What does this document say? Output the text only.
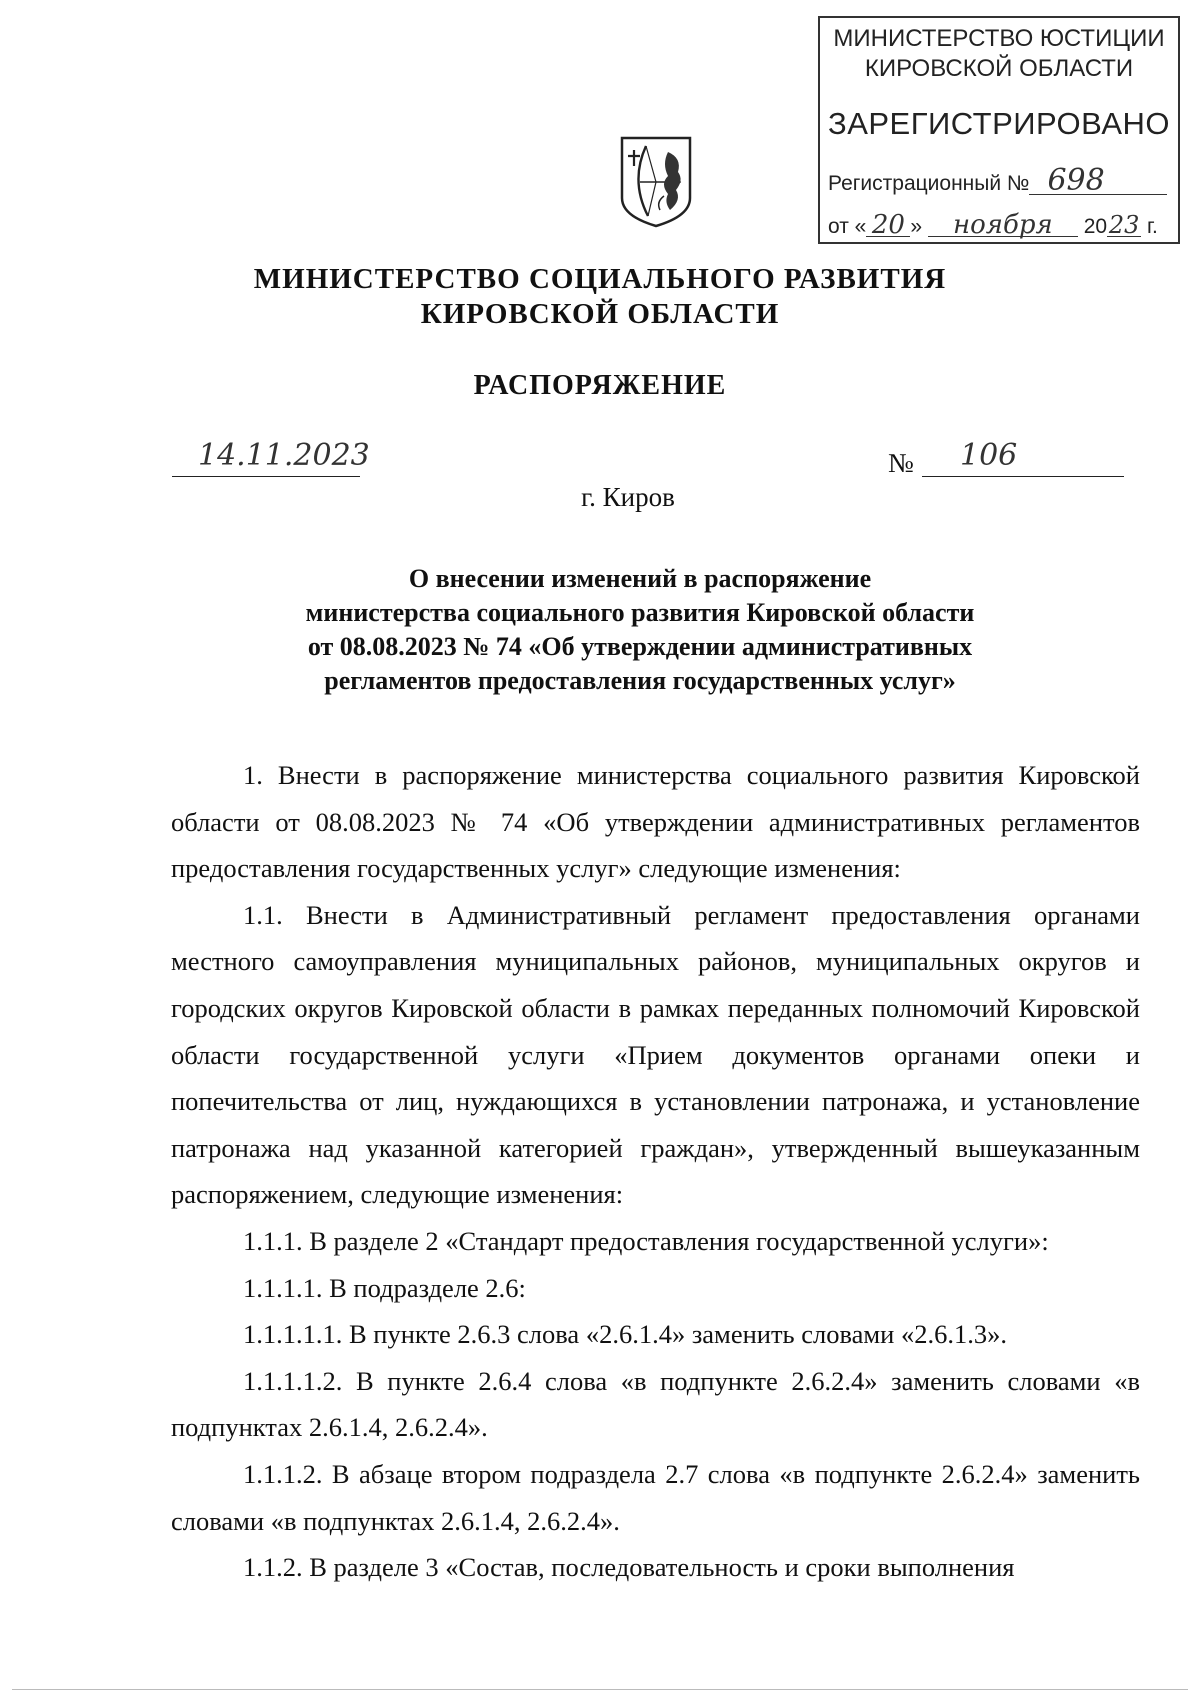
МИНИСТЕРСТВО ЮСТИЦИИ
КИРОВСКОЙ ОБЛАСТИ
ЗАРЕГИСТРИРОВАНО
Регистрационный № 698
от « 20 » ноября 2023 г.
МИНИСТЕРСТВО СОЦИАЛЬНОГО РАЗВИТИЯ
КИРОВСКОЙ ОБЛАСТИ
РАСПОРЯЖЕНИЕ
14.11.2023	№ 106
г. Киров
О внесении изменений в распоряжение
министерства социального развития Кировской области
от 08.08.2023 № 74 «Об утверждении административных
регламентов предоставления государственных услуг»

1. Внести в распоряжение министерства социального развития Кировской области от 08.08.2023 № 74 «Об утверждении административных регламентов предоставления государственных услуг» следующие изменения:

1.1. Внести в Административный регламент предоставления органами местного самоуправления муниципальных районов, муниципальных округов и городских округов Кировской области в рамках переданных полномочий Кировской области государственной услуги «Прием документов органами опеки и попечительства от лиц, нуждающихся в установлении патронажа, и установление патронажа над указанной категорией граждан», утвержденный вышеуказанным распоряжением, следующие изменения:

1.1.1. В разделе 2 «Стандарт предоставления государственной услуги»:

1.1.1.1. В подразделе 2.6:

1.1.1.1.1. В пункте 2.6.3 слова «2.6.1.4» заменить словами «2.6.1.3».

1.1.1.1.2. В пункте 2.6.4 слова «в подпункте 2.6.2.4» заменить словами «в подпунктах 2.6.1.4, 2.6.2.4».

1.1.1.2. В абзаце втором подраздела 2.7 слова «в подпункте 2.6.2.4» заменить словами «в подпунктах 2.6.1.4, 2.6.2.4».

1.1.2. В разделе 3 «Состав, последовательность и сроки выполнения
